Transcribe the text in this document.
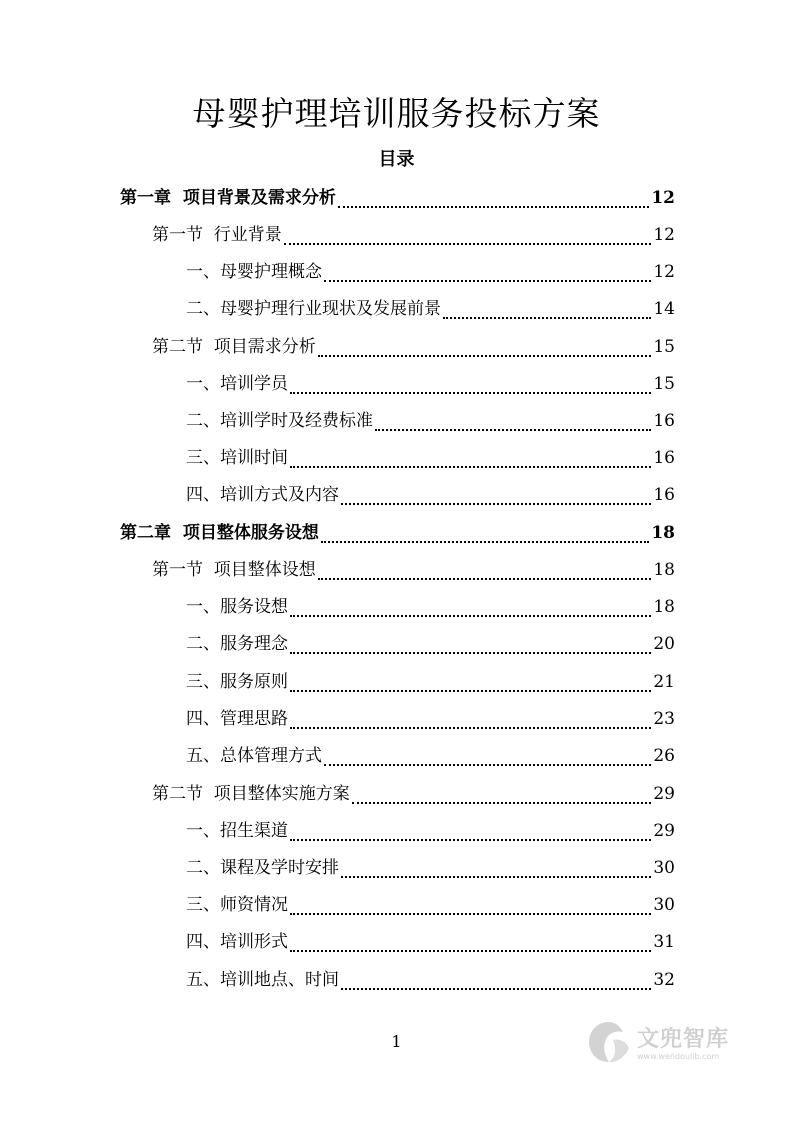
母婴护理培训服务投标方案
目录
第一章  项目背景及需求分析	12
第一节  行业背景	12
一、母婴护理概念	12
二、母婴护理行业现状及发展前景	14
第二节  项目需求分析	15
一、培训学员	15
二、培训学时及经费标准	16
三、培训时间	16
四、培训方式及内容	16
第二章  项目整体服务设想	18
第一节  项目整体设想	18
一、服务设想	18
二、服务理念	20
三、服务原则	21
四、管理思路	23
五、总体管理方式	26
第二节  项目整体实施方案	29
一、招生渠道	29
二、课程及学时安排	30
三、师资情况	30
四、培训形式	31
五、培训地点、时间	32
1	文兜智库
www.wendoulib.com
